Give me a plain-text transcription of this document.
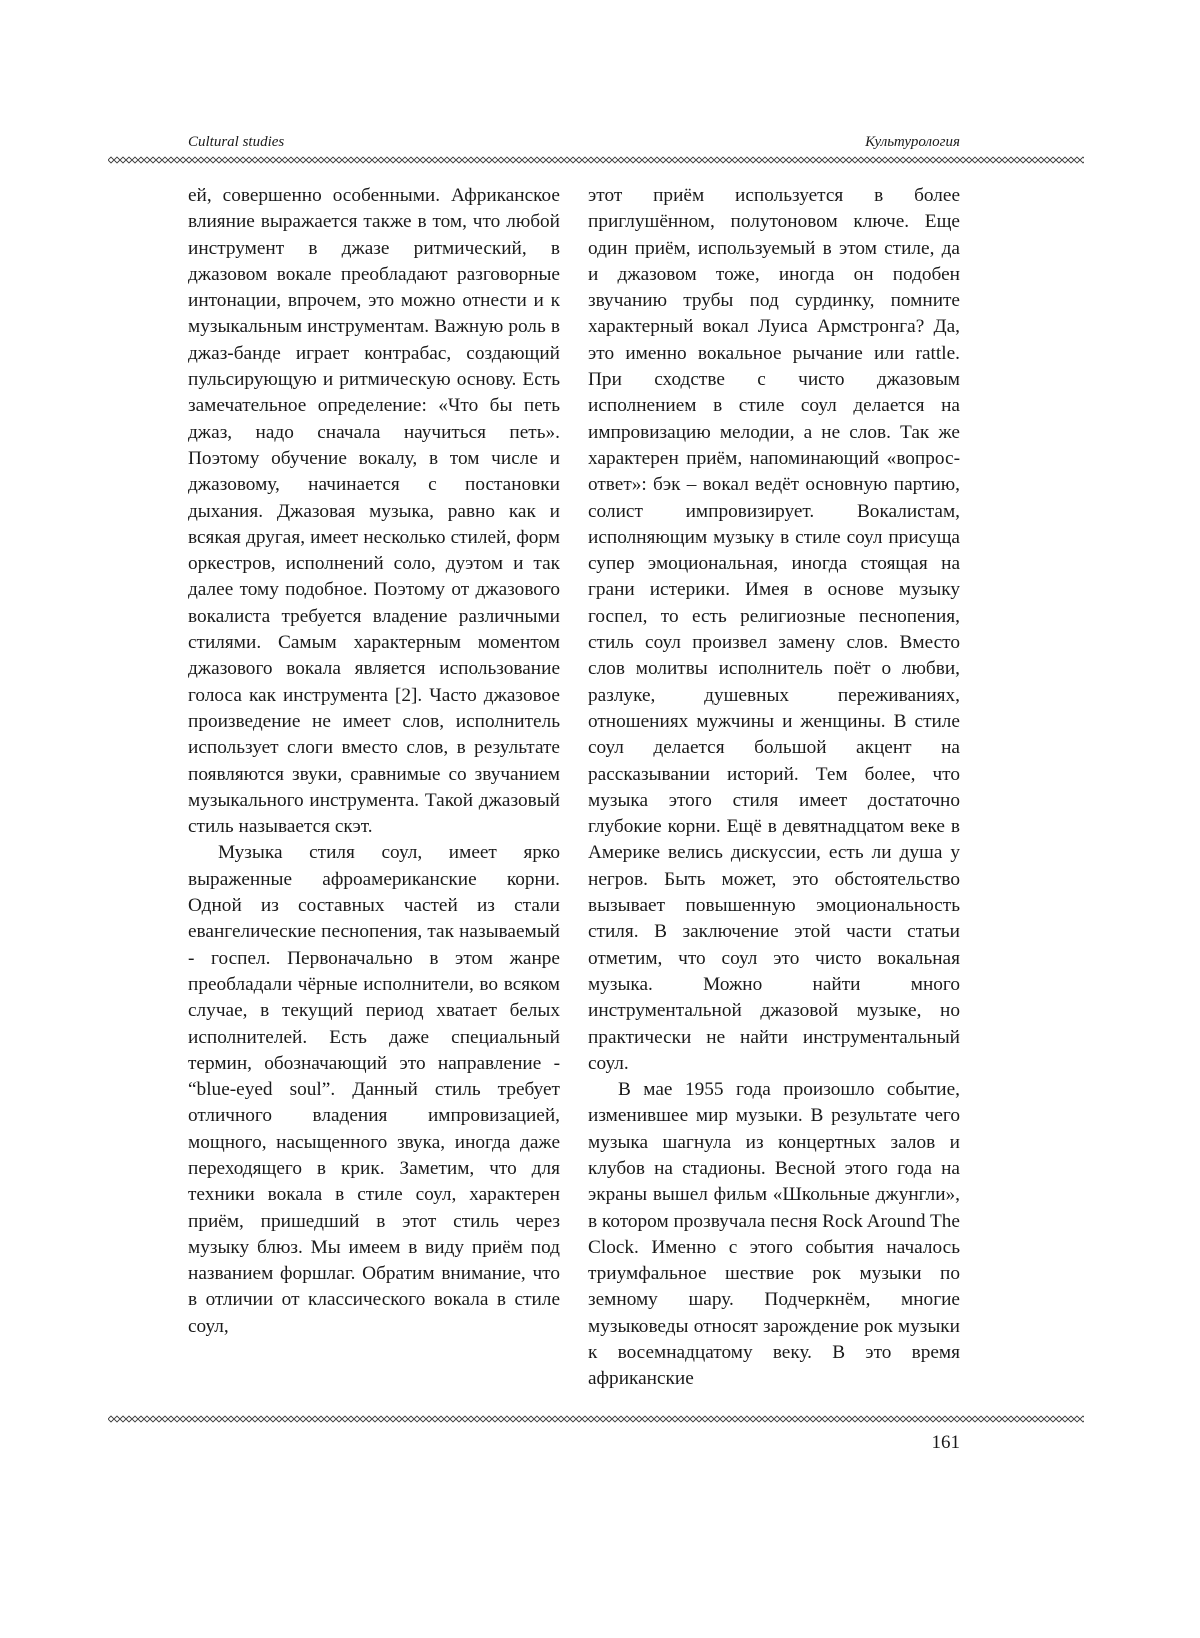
Cultural studies	Культурология

ей, совершенно особенными. Африканское влияние выражается также в том, что любой инструмент в джазе ритмический, в джазовом вокале преобладают разговорные интонации, впрочем, это можно отнести и к музыкальным инструментам. Важную роль в джаз-банде играет контрабас, создающий пульсирующую и ритмическую основу. Есть замечательное определение: «Что бы петь джаз, надо сначала научиться петь». Поэтому обучение вокалу, в том числе и джазовому, начинается с постановки дыхания. Джазовая музыка, равно как и всякая другая, имеет несколько стилей, форм оркестров, исполнений соло, дуэтом и так далее тому подобное. Поэтому от джазового вокалиста требуется владение различными стилями. Самым характерным моментом джазового вокала является использование голоса как инструмента [2]. Часто джазовое произведение не имеет слов, исполнитель использует слоги вместо слов, в результате появляются звуки, сравнимые со звучанием музыкального инструмента. Такой джазовый стиль называется скэт.

Музыка стиля соул, имеет ярко выраженные афроамериканские корни. Одной из составных частей из стали евангелические песнопения, так называемый - госпел. Первоначально в этом жанре преобладали чёрные исполнители, во всяком случае, в текущий период хватает белых исполнителей. Есть даже специальный термин, обозначающий это направление - “blue-eyed soul”. Данный стиль требует отличного владения импровизацией, мощного, насыщенного звука, иногда даже переходящего в крик. Заметим, что для техники вокала в стиле соул, характерен приём, пришедший в этот стиль через музыку блюз. Мы имеем в виду приём под названием форшлаг. Обратим внимание, что в отличии от классического вокала в стиле соул,

этот приём используется в более приглушённом, полутоновом ключе. Еще один приём, используемый в этом стиле, да и джазовом тоже, иногда он подобен звучанию трубы под сурдинку, помните характерный вокал Луиса Армстронга? Да, это именно вокальное рычание или rattle. При сходстве с чисто джазовым исполнением в стиле соул делается на импровизацию мелодии, а не слов. Так же характерен приём, напоминающий «вопрос-ответ»: бэк – вокал ведёт основную партию, солист импровизирует. Вокалистам, исполняющим музыку в стиле соул присуща супер эмоциональная, иногда стоящая на грани истерики. Имея в основе музыку госпел, то есть религиозные песнопения, стиль соул произвел замену слов. Вместо слов молитвы исполнитель поёт о любви, разлуке, душевных переживаниях, отношениях мужчины и женщины. В стиле соул делается большой акцент на рассказывании историй. Тем более, что музыка этого стиля имеет достаточно глубокие корни. Ещё в девятнадцатом веке в Америке велись дискуссии, есть ли душа у негров. Быть может, это обстоятельство вызывает повышенную эмоциональность стиля. В заключение этой части статьи отметим, что соул это чисто вокальная музыка. Можно найти много инструментальной джазовой музыке, но практически не найти инструментальный соул.

В мае 1955 года произошло событие, изменившее мир музыки. В результате чего музыка шагнула из концертных залов и клубов на стадионы. Весной этого года на экраны вышел фильм «Школьные джунгли», в котором прозвучала песня Rock Around The Clock. Именно с этого события началось триумфальное шествие рок музыки по земному шару. Подчеркнём, многие музыковеды относят зарождение рок музыки к восемнадцатому веку. В это время африканские

161
